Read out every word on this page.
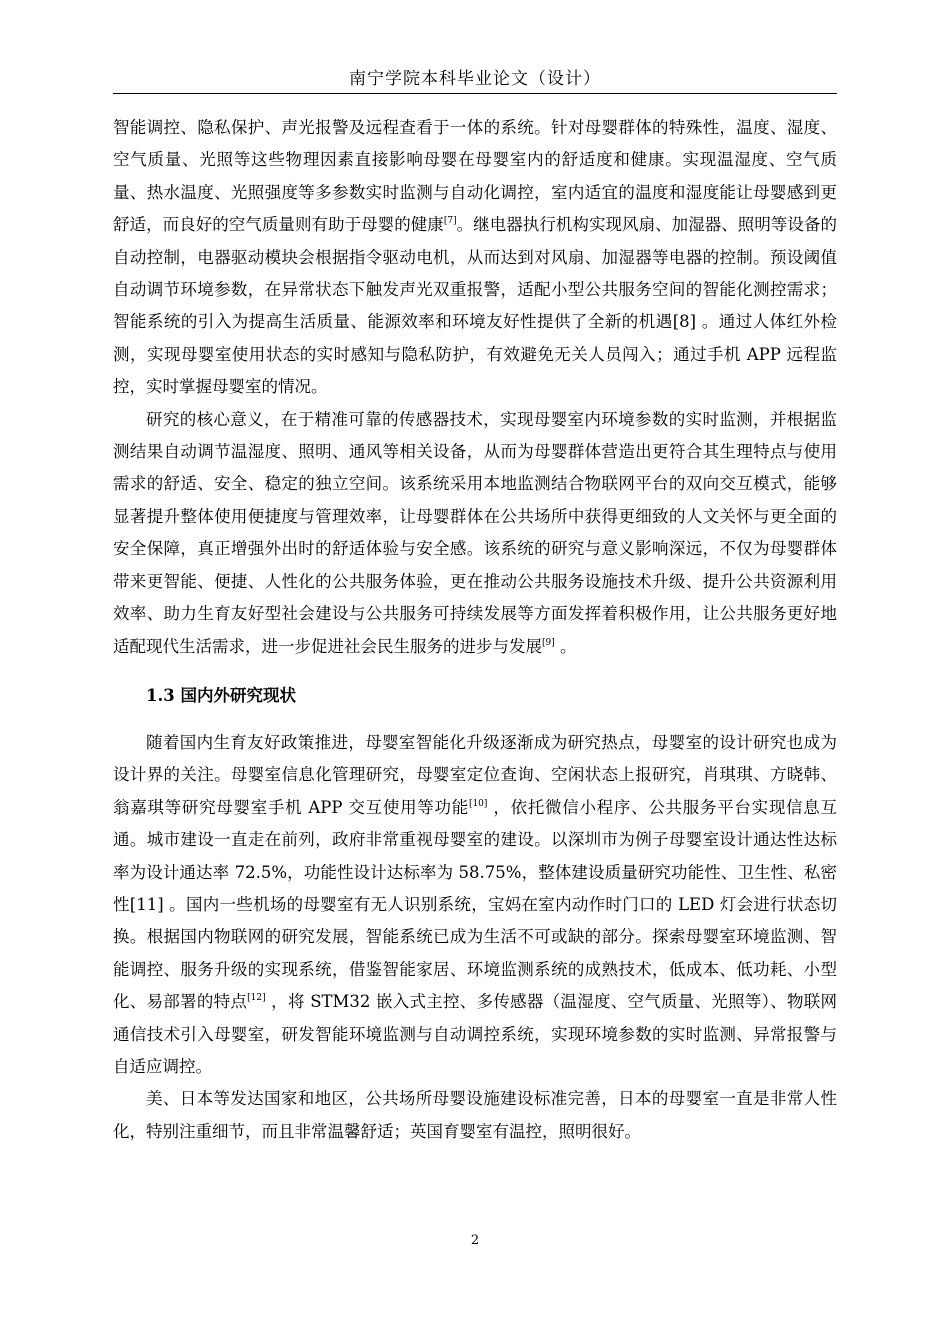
南宁学院本科毕业论文（设计）

智能调控、隐私保护、声光报警及远程查看于一体的系统。针对母婴群体的特殊性，温度、湿度、空气质量、光照等这些物理因素直接影响母婴在母婴室内的舒适度和健康。实现温湿度、空气质量、热水温度、光照强度等多参数实时监测与自动化调控，室内适宜的温度和湿度能让母婴感到更舒适，而良好的空气质量则有助于母婴的健康[7]。继电器执行机构实现风扇、加湿器、照明等设备的自动控制，电器驱动模块会根据指令驱动电机，从而达到对风扇、加湿器等电器的控制。预设阈值自动调节环境参数，在异常状态下触发声光双重报警，适配小型公共服务空间的智能化测控需求；智能系统的引入为提高生活质量、能源效率和环境友好性提供了全新的机遇[8] 。通过人体红外检测，实现母婴室使用状态的实时感知与隐私防护，有效避免无关人员闯入；通过手机 APP 远程监控，实时掌握母婴室的情况。

研究的核心意义，在于精准可靠的传感器技术，实现母婴室内环境参数的实时监测，并根据监测结果自动调节温湿度、照明、通风等相关设备，从而为母婴群体营造出更符合其生理特点与使用需求的舒适、安全、稳定的独立空间。该系统采用本地监测结合物联网平台的双向交互模式，能够显著提升整体使用便捷度与管理效率，让母婴群体在公共场所中获得更细致的人文关怀与更全面的安全保障，真正增强外出时的舒适体验与安全感。该系统的研究与意义影响深远，不仅为母婴群体带来更智能、便捷、人性化的公共服务体验，更在推动公共服务设施技术升级、提升公共资源利用效率、助力生育友好型社会建设与公共服务可持续发展等方面发挥着积极作用，让公共服务更好地适配现代生活需求，进一步促进社会民生服务的进步与发展[9] 。

1.3 国内外研究现状

随着国内生育友好政策推进，母婴室智能化升级逐渐成为研究热点，母婴室的设计研究也成为设计界的关注。母婴室信息化管理研究，母婴室定位查询、空闲状态上报研究，肖琪琪、方晓韩、翁嘉琪等研究母婴室手机 APP 交互使用等功能[10] ，依托微信小程序、公共服务平台实现信息互通。城市建设一直走在前列，政府非常重视母婴室的建设。以深圳市为例子母婴室设计通达性达标率为设计通达率 72.5%，功能性设计达标率为 58.75%，整体建设质量研究功能性、卫生性、私密性[11] 。国内一些机场的母婴室有无人识别系统，宝妈在室内动作时门口的 LED 灯会进行状态切换。根据国内物联网的研究发展，智能系统已成为生活不可或缺的部分。探索母婴室环境监测、智能调控、服务升级的实现系统，借鉴智能家居、环境监测系统的成熟技术，低成本、低功耗、小型化、易部署的特点[12] ，将 STM32 嵌入式主控、多传感器（温湿度、空气质量、光照等）、物联网通信技术引入母婴室，研发智能环境监测与自动调控系统，实现环境参数的实时监测、异常报警与自适应调控。

美、日本等发达国家和地区，公共场所母婴设施建设标准完善，日本的母婴室一直是非常人性化，特别注重细节，而且非常温馨舒适；英国育婴室有温控，照明很好。

2
